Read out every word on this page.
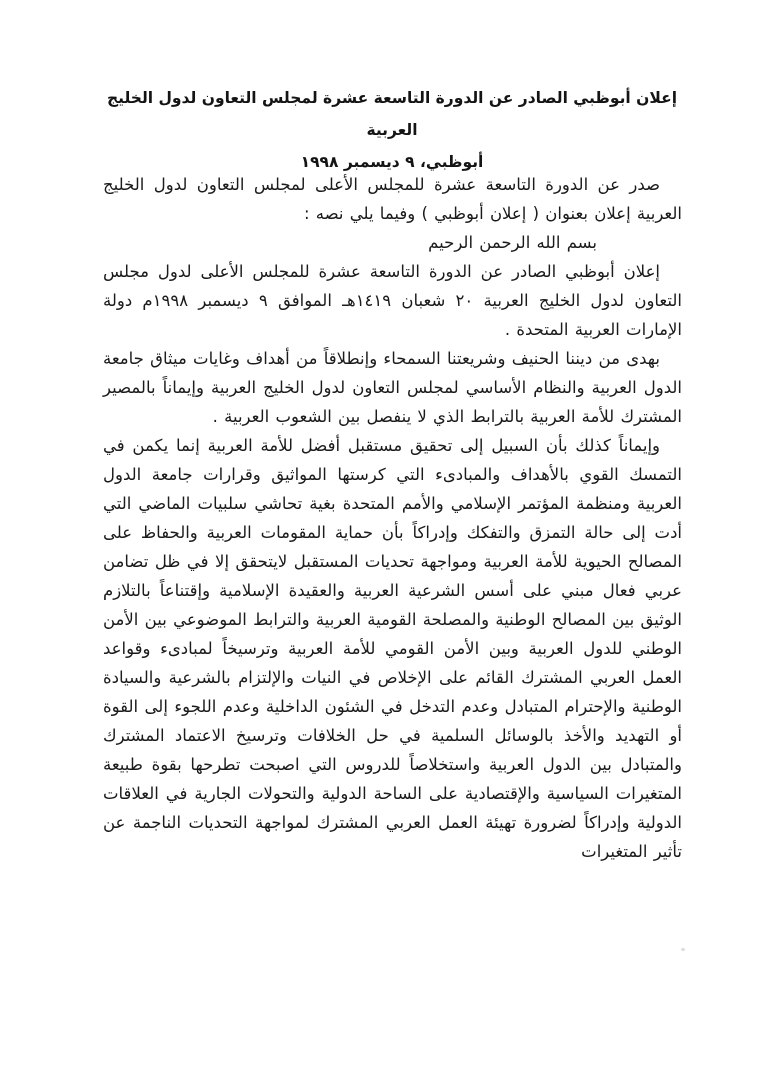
إعلان أبوظبي الصادر عن الدورة التاسعة عشرة لمجلس التعاون لدول الخليج العربية
أبوظبي، ٩ ديسمبر ١٩٩٨

صدر عن الدورة التاسعة عشرة للمجلس الأعلى لمجلس التعاون لدول الخليج العربية إعلان بعنوان ( إعلان أبوظبي ) وفيما يلي نصه :

بسم الله الرحمن الرحيم

إعلان أبوظبي الصادر عن الدورة التاسعة عشرة للمجلس الأعلى لدول مجلس التعاون لدول الخليج العربية ٢٠ شعبان ١٤١٩هـ الموافق ٩ ديسمبر ١٩٩٨م دولة الإمارات العربية المتحدة .

بهدى من ديننا الحنيف وشريعتنا السمحاء وإنطلاقاً من أهداف وغايات ميثاق جامعة الدول العربية والنظام الأساسي لمجلس التعاون لدول الخليج العربية وإيماناً بالمصير المشترك للأمة العربية بالترابط الذي لا ينفصل بين الشعوب العربية .

وإيماناً كذلك بأن السبيل إلى تحقيق مستقبل أفضل للأمة العربية إنما يكمن في التمسك القوي بالأهداف والمبادىء التي كرستها المواثيق وقرارات جامعة الدول العربية ومنظمة المؤتمر الإسلامي والأمم المتحدة بغية تحاشي سلبيات الماضي التي أدت إلى حالة التمزق والتفكك وإدراكاً بأن حماية المقومات العربية والحفاظ على المصالح الحيوية للأمة العربية ومواجهة تحديات المستقبل لايتحقق إلا في ظل تضامن عربي فعال مبني على أسس الشرعية العربية والعقيدة الإسلامية وإقتناعاً بالتلازم الوثيق بين المصالح الوطنية والمصلحة القومية العربية والترابط الموضوعي بين الأمن الوطني للدول العربية وبين الأمن القومي للأمة العربية وترسيخاً لمبادىء وقواعد العمل العربي المشترك القائم على الإخلاص في النيات والإلتزام بالشرعية والسيادة الوطنية والإحترام المتبادل وعدم التدخل في الشئون الداخلية وعدم اللجوء إلى القوة أو التهديد والأخذ بالوسائل السلمية في حل الخلافات وترسيخ الاعتماد المشترك والمتبادل بين الدول العربية واستخلاصاً للدروس التي اصبحت تطرحها بقوة طبيعة المتغيرات السياسية والإقتصادية على الساحة الدولية والتحولات الجارية في العلاقات الدولية وإدراكاً لضرورة تهيئة العمل العربي المشترك لمواجهة التحديات الناجمة عن تأثير المتغيرات
